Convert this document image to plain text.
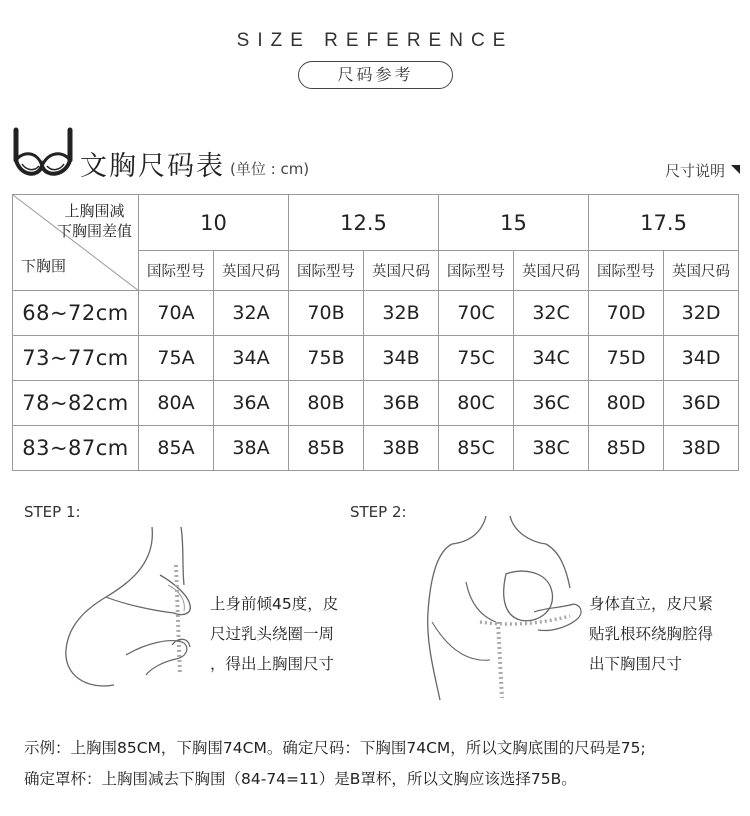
SIZE REFERENCE
尺码参考
文胸尺码表 (单位 : cm)	尺寸说明
上胸围减
下胸围差值
下胸围	10		12.5		15		17.5	
	国际型号	英国尺码	国际型号	英国尺码	国际型号	英国尺码	国际型号	英国尺码
68~72cm	70A	32A	70B	32B	70C	32C	70D	32D
73~77cm	75A	34A	75B	34B	75C	34C	75D	34D
78~82cm	80A	36A	80B	36B	80C	36C	80D	36D
83~87cm	85A	38A	85B	38B	85C	38C	85D	38D
STEP 1:
上身前倾45度，皮
尺过乳头绕圈一周
，得出上胸围尺寸
STEP 2:
身体直立，皮尺紧
贴乳根环绕胸腔得
出下胸围尺寸
示例：上胸围85CM，下胸围74CM。确定尺码：下胸围74CM，所以文胸底围的尺码是75;
确定罩杯：上胸围减去下胸围（84-74=11）是B罩杯，所以文胸应该选择75B。
